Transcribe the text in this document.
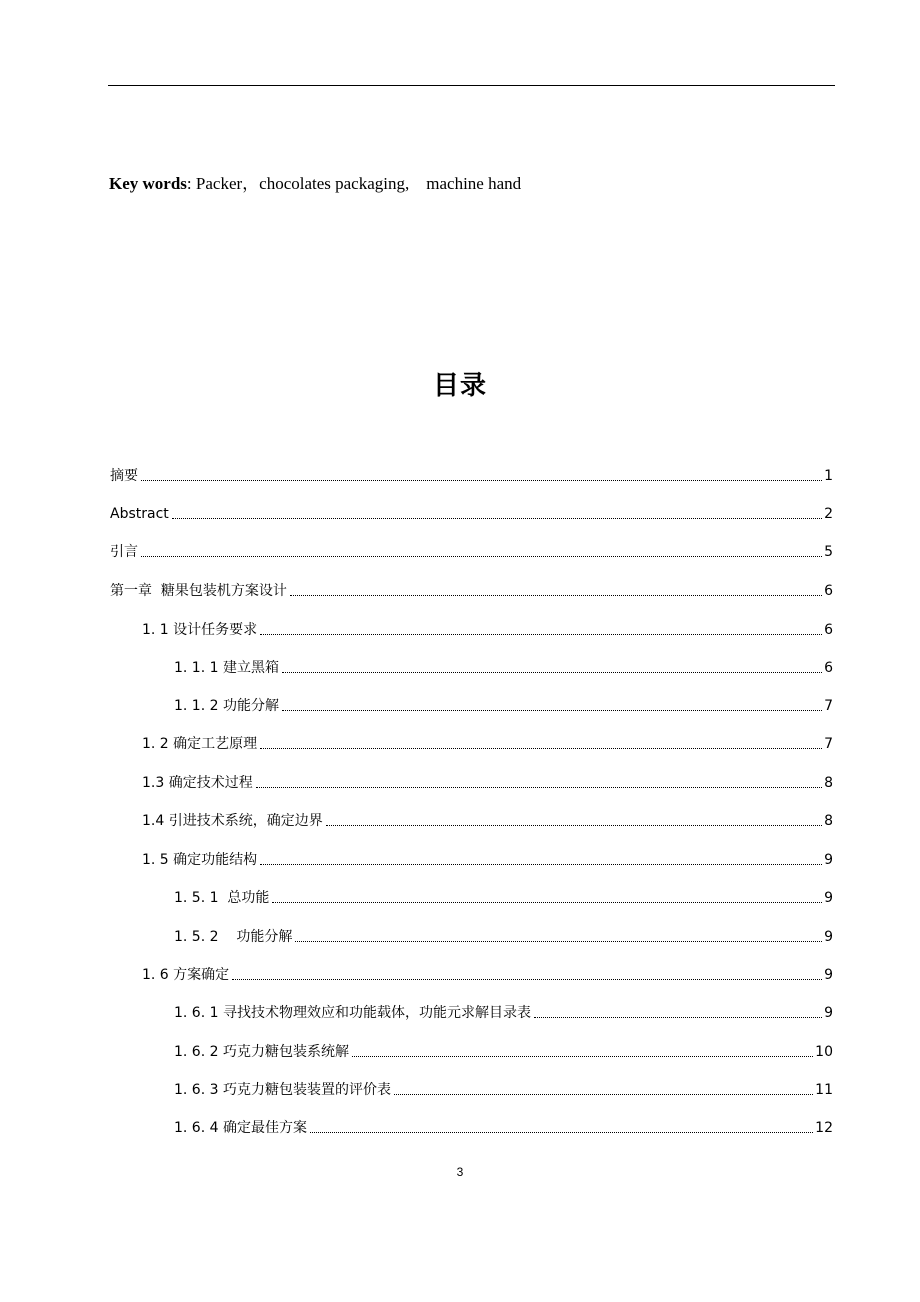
Key words: Packer，chocolates packaging,    machine hand
目录
摘要	1
Abstract	2
引言	5
第一章  糖果包装机方案设计	6
1. 1 设计任务要求	6
1. 1. 1 建立黑箱	6
1. 1. 2 功能分解	7
1. 2 确定工艺原理	7
1.3 确定技术过程	8
1.4 引进技术系统，确定边界	8
1. 5 确定功能结构	9
1. 5. 1  总功能	9
1. 5. 2    功能分解	9
1. 6 方案确定	9
1. 6. 1 寻找技术物理效应和功能载体，功能元求解目录表	9
1. 6. 2 巧克力糖包装系统解	10
1. 6. 3 巧克力糖包装装置的评价表	11
1. 6. 4 确定最佳方案	12
3
